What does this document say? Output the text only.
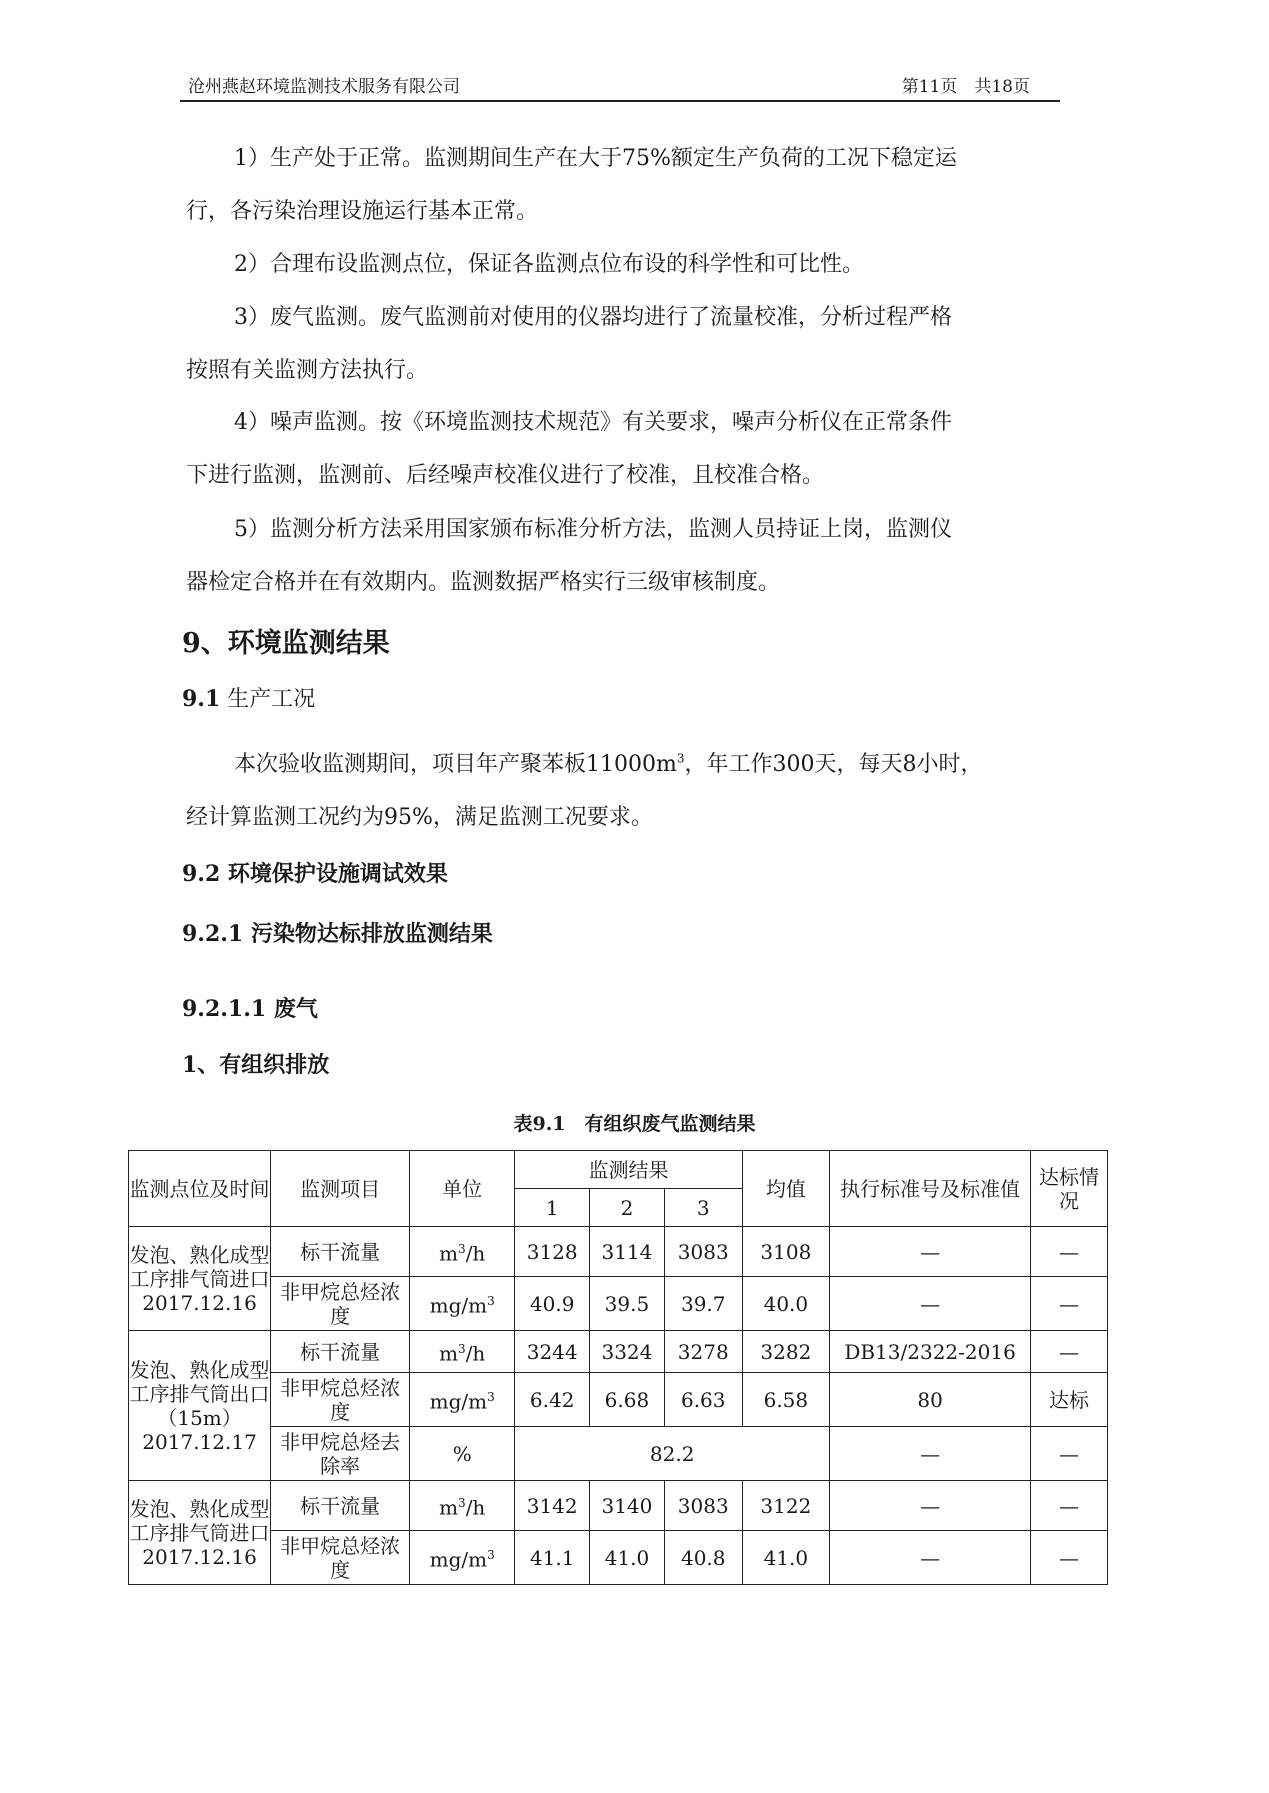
沧州燕赵环境监测技术服务有限公司	第11页　共18页

1）生产处于正常。监测期间生产在大于75%额定生产负荷的工况下稳定运
行，各污染治理设施运行基本正常。

2）合理布设监测点位，保证各监测点位布设的科学性和可比性。

3）废气监测。废气监测前对使用的仪器均进行了流量校准，分析过程严格
按照有关监测方法执行。

4）噪声监测。按《环境监测技术规范》有关要求，噪声分析仪在正常条件
下进行监测，监测前、后经噪声校准仪进行了校准，且校准合格。

5）监测分析方法采用国家颁布标准分析方法，监测人员持证上岗，监测仪
器检定合格并在有效期内。监测数据严格实行三级审核制度。

9、环境监测结果
9.1 生产工况

本次验收监测期间，项目年产聚苯板$11000m^3$，年工作300天，每天8小时，
经计算监测工况约为95%，满足监测工况要求。

9.2 环境保护设施调试效果
9.2.1 污染物达标排放监测结果
9.2.1.1 废气
1、有组织排放
表9.1　有组织废气监测结果
监测点位及时间	监测项目	单位	监测结果			均值	执行标准号及标准值	达标情况
			1	2	3			
发泡、熟化成型工序排气筒进口2017.12.16	标干流量	$m^3/h$	3128	3114	3083	3108	—	—
	非甲烷总烃浓度	$mg/m^3$	40.9	39.5	39.7	40.0	—	—
发泡、熟化成型工序排气筒出口（15m）2017.12.17	标干流量	$m^3/h$	3244	3324	3278	3282	DB13/2322-2016	—
	非甲烷总烃浓度	$mg/m^3$	6.42	6.68	6.63	6.58	80	达标
	非甲烷总烃去除率	%	82.2				—	—
发泡、熟化成型工序排气筒进口2017.12.16	标干流量	$m^3/h$	3142	3140	3083	3122	—	—
	非甲烷总烃浓度	$mg/m^3$	41.1	41.0	40.8	41.0	—	—
